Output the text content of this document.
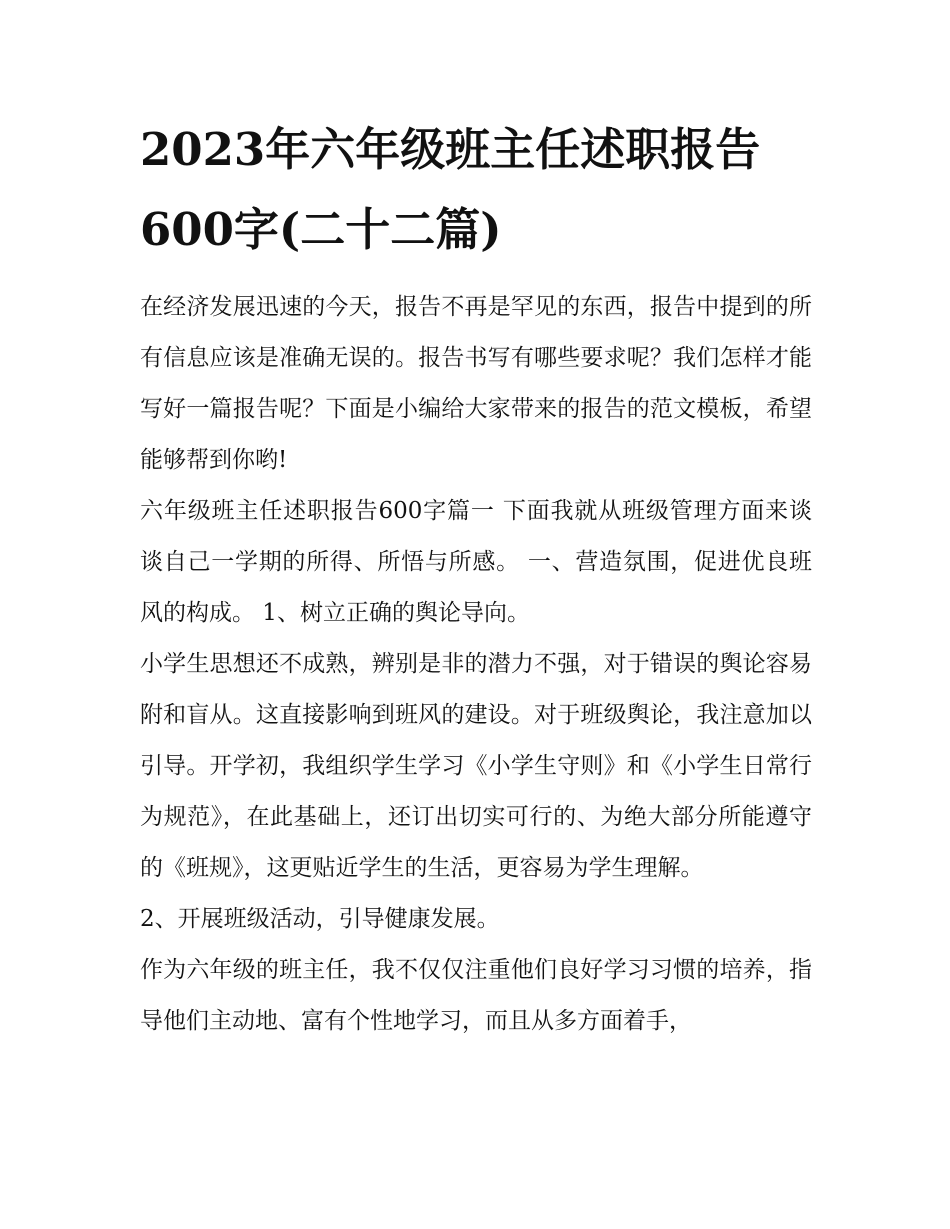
2023年六年级班主任述职报告600字(二十二篇)

在经济发展迅速的今天，报告不再是罕见的东西，报告中提到的所有信息应该是准确无误的。报告书写有哪些要求呢？我们怎样才能写好一篇报告呢？下面是小编给大家带来的报告的范文模板，希望能够帮到你哟!

六年级班主任述职报告600字篇一 下面我就从班级管理方面来谈谈自己一学期的所得、所悟与所感。 一、营造氛围，促进优良班风的构成。 1、树立正确的舆论导向。

小学生思想还不成熟，辨别是非的潜力不强，对于错误的舆论容易附和盲从。这直接影响到班风的建设。对于班级舆论，我注意加以引导。开学初，我组织学生学习《小学生守则》和《小学生日常行为规范》，在此基础上，还订出切实可行的、为绝大部分所能遵守的《班规》，这更贴近学生的生活，更容易为学生理解。

2、开展班级活动，引导健康发展。

作为六年级的班主任，我不仅仅注重他们良好学习习惯的培养，指导他们主动地、富有个性地学习，而且从多方面着手，
